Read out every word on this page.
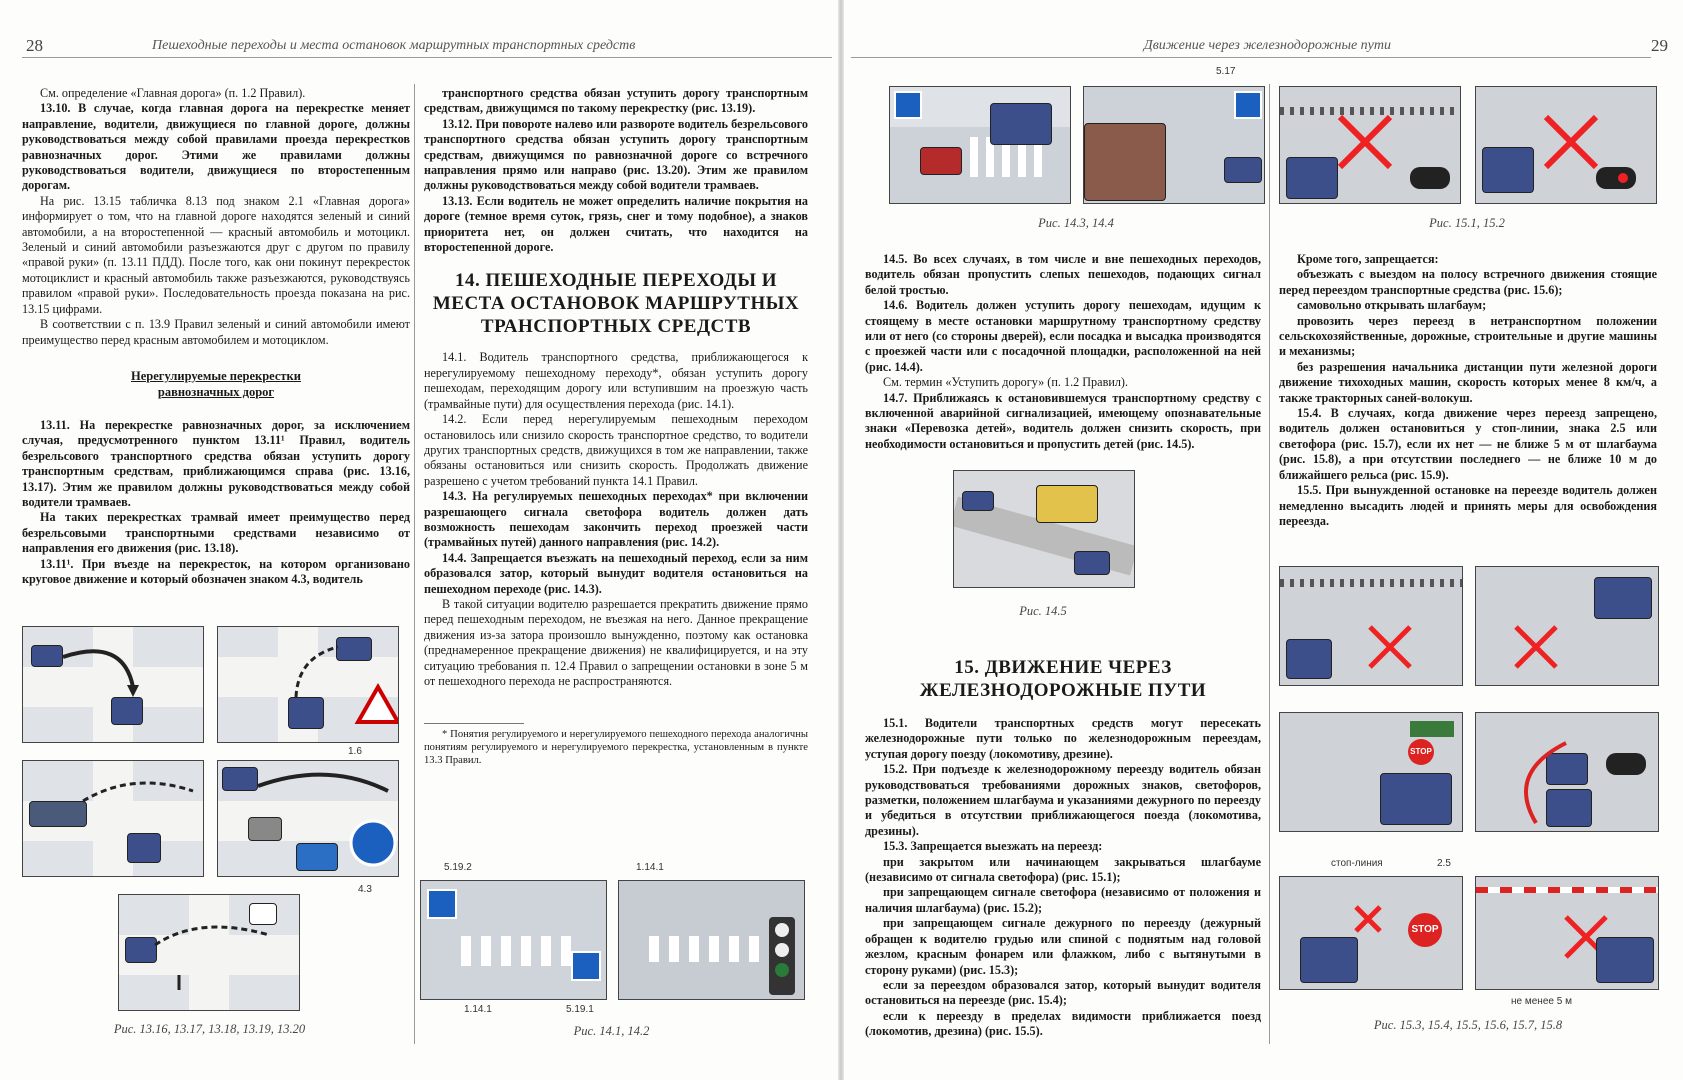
28	Пешеходные переходы и места остановок маршрутных транспортных средств

См. определение «Главная дорога» (п. 1.2 Правил).

13.10. В случае, когда главная дорога на перекрестке меняет направление, водители, движущиеся по главной дороге, должны руководствоваться между собой правилами проезда перекрестков равнозначных дорог. Этими же правилами должны руководствоваться водители, движущиеся по второстепенным дорогам.

На рис. 13.15 табличка 8.13 под знаком 2.1 «Главная дорога» информирует о том, что на главной дороге находятся зеленый и синий автомобили, а на второстепенной — красный автомобиль и мотоцикл. Зеленый и синий автомобили разъезжаются друг с другом по правилу «правой руки» (п. 13.11 ПДД). После того, как они покинут перекресток мотоциклист и красный автомобиль также разъезжаются, руководствуясь правилом «правой руки». Последовательность проезда показана на рис. 13.15 цифрами.

В соответствии с п. 13.9 Правил зеленый и синий автомобили имеют преимущество перед красным автомобилем и мотоциклом.

Нерегулируемые перекрестки равнозначных дорог

13.11. На перекрестке равнозначных дорог, за исключением случая, предусмотренного пунктом 13.11¹ Правил, водитель безрельсового транспортного средства обязан уступить дорогу транспортным средствам, приближающимся справа (рис. 13.16, 13.17). Этим же правилом должны руководствоваться между собой водители трамваев.

На таких перекрестках трамвай имеет преимущество перед безрельсовыми транспортными средствами независимо от направления его движения (рис. 13.18).

13.11¹. При въезде на перекресток, на котором организовано круговое движение и который обозначен знаком 4.3, водитель

транспортного средства обязан уступить дорогу транспортным средствам, движущимся по такому перекрестку (рис. 13.19).

13.12. При повороте налево или развороте водитель безрельсового транспортного средства обязан уступить дорогу транспортным средствам, движущимся по равнозначной дороге со встречного направления прямо или направо (рис. 13.20). Этим же правилом должны руководствоваться между собой водители трамваев.

13.13. Если водитель не может определить наличие покрытия на дороге (темное время суток, грязь, снег и тому подобное), а знаков приоритета нет, он должен считать, что находится на второстепенной дороге.

14. ПЕШЕХОДНЫЕ ПЕРЕХОДЫ И МЕСТА ОСТАНОВОК МАРШРУТНЫХ ТРАНСПОРТНЫХ СРЕДСТВ

14.1. Водитель транспортного средства, приближающегося к нерегулируемому пешеходному переходу*, обязан уступить дорогу пешеходам, переходящим дорогу или вступившим на проезжую часть (трамвайные пути) для осуществления перехода (рис. 14.1).

14.2. Если перед нерегулируемым пешеходным переходом остановилось или снизило скорость транспортное средство, то водители других транспортных средств, движущихся в том же направлении, также обязаны остановиться или снизить скорость. Продолжать движение разрешено с учетом требований пункта 14.1 Правил.

14.3. На регулируемых пешеходных переходах* при включении разрешающего сигнала светофора водитель должен дать возможность пешеходам закончить переход проезжей части (трамвайных путей) данного направления (рис. 14.2).

14.4. Запрещается въезжать на пешеходный переход, если за ним образовался затор, который вынудит водителя остановиться на пешеходном переходе (рис. 14.3).

В такой ситуации водителю разрешается прекратить движение прямо перед пешеходным переходом, не въезжая на него. Данное прекращение движения из-за затора произошло вынужденно, поэтому как остановка (преднамеренное прекращение движения) не квалифицируется, и на эту ситуацию требования п. 12.4 Правил о запрещении остановки в зоне 5 м от пешеходного перехода не распространяются.

* Понятия регулируемого и нерегулируемого пешеходного перехода аналогичны понятиям регулируемого и нерегулируемого перекрестка, установленным в пункте 13.3 Правил.

1.6
4.3
Рис. 13.16, 13.17, 13.18, 13.19, 13.20
5.19.2	1.14.1
1.14.1	5.19.1
Рис. 14.1, 14.2
Движение через железнодорожные пути	29
5.17
Рис. 14.3, 14.4	Рис. 15.1, 15.2

14.5. Во всех случаях, в том числе и вне пешеходных переходов, водитель обязан пропустить слепых пешеходов, подающих сигнал белой тростью.

14.6. Водитель должен уступить дорогу пешеходам, идущим к стоящему в месте остановки маршрутному транспортному средству или от него (со стороны дверей), если посадка и высадка производятся с проезжей части или с посадочной площадки, расположенной на ней (рис. 14.4).

См. термин «Уступить дорогу» (п. 1.2 Правил).

14.7. Приближаясь к остановившемуся транспортному средству с включенной аварийной сигнализацией, имеющему опознавательные знаки «Перевозка детей», водитель должен снизить скорость, при необходимости остановиться и пропустить детей (рис. 14.5).

Рис. 14.5
15. ДВИЖЕНИЕ ЧЕРЕЗ ЖЕЛЕЗНОДОРОЖНЫЕ ПУТИ

15.1. Водители транспортных средств могут пересекать железнодорожные пути только по железнодорожным переездам, уступая дорогу поезду (локомотиву, дрезине).

15.2. При подъезде к железнодорожному переезду водитель обязан руководствоваться требованиями дорожных знаков, светофоров, разметки, положением шлагбаума и указаниями дежурного по переезду и убедиться в отсутствии приближающегося поезда (локомотива, дрезины).

15.3. Запрещается выезжать на переезд:

при закрытом или начинающем закрываться шлагбауме (независимо от сигнала светофора) (рис. 15.1);

при запрещающем сигнале светофора (независимо от положения и наличия шлагбаума) (рис. 15.2);

при запрещающем сигнале дежурного по переезду (дежурный обращен к водителю грудью или спиной с поднятым над головой жезлом, красным фонарем или флажком, либо с вытянутыми в сторону руками) (рис. 15.3);

если за переездом образовался затор, который вынудит водителя остановиться на переезде (рис. 15.4);

если к переезду в пределах видимости приближается поезд (локомотив, дрезина) (рис. 15.5).

Кроме того, запрещается:

объезжать с выездом на полосу встречного движения стоящие перед переездом транспортные средства (рис. 15.6);

самовольно открывать шлагбаум;

провозить через переезд в нетранспортном положении сельскохозяйственные, дорожные, строительные и другие машины и механизмы;

без разрешения начальника дистанции пути железной дороги движение тихоходных машин, скорость которых менее 8 км/ч, а также тракторных саней-волокуш.

15.4. В случаях, когда движение через переезд запрещено, водитель должен остановиться у стоп-линии, знака 2.5 или светофора (рис. 15.7), если их нет — не ближе 5 м от шлагбаума (рис. 15.8), а при отсутствии последнего — не ближе 10 м до ближайшего рельса (рис. 15.9).

15.5. При вынужденной остановке на переезде водитель должен немедленно высадить людей и принять меры для освобождения переезда.

STOP
стоп-линия	2.5
STOP
не менее 5 м
Рис. 15.3, 15.4, 15.5, 15.6, 15.7, 15.8
